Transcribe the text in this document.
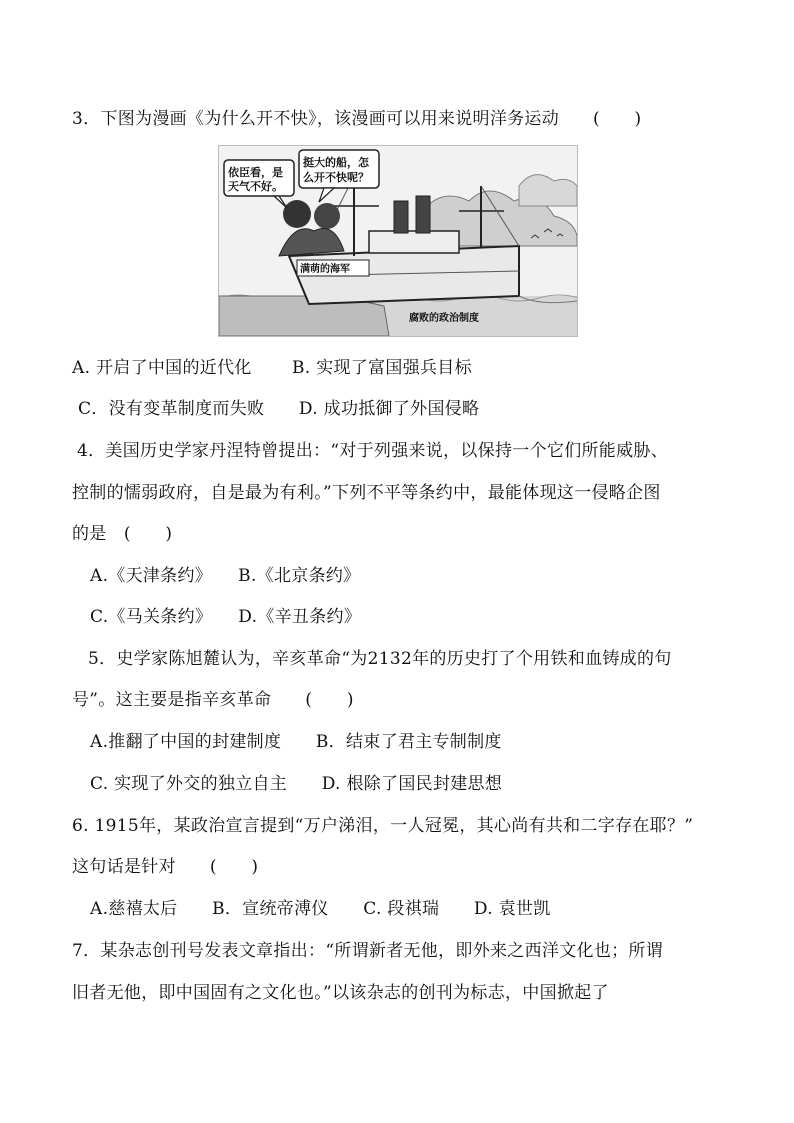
3．下图为漫画《为什么开不快》，该漫画可以用来说明洋务运动 (　　)
依臣看，是
天气不好。
挺大的船，怎
么开不快呢？
满萌的海军
腐败的政治制度
A. 开启了中国的近代化　　 B. 实现了富国强兵目标
C．没有变革制度而失败　　D. 成功抵御了外国侵略
4．美国历史学家丹涅特曾提出：“对于列强来说，以保持一个它们所能威胁、
控制的懦弱政府，自是最为有利。”下列不平等条约中，最能体现这一侵略企图
的是　(　　)
A.《天津条约》　　B.《北京条约》
C.《马关条约》　　D.《辛丑条约》
5．史学家陈旭麓认为，辛亥革命“为2132年的历史打了个用铁和血铸成的句
号”。这主要是指辛亥革命 (　　)
A.推翻了中国的封建制度　　B．结束了君主专制制度
C. 实现了外交的独立自主　　D. 根除了国民封建思想
6. 1915年，某政治宣言提到“万户涕泪，一人冠冕，其心尚有共和二字存在耶？”
这句话是针对 (　　)
A.慈禧太后　　B．宣统帝溥仪　　C. 段祺瑞　　D. 袁世凯
7．某杂志创刊号发表文章指出：“所谓新者无他，即外来之西洋文化也；所谓
旧者无他，即中国固有之文化也。”以该杂志的创刊为标志，中国掀起了
